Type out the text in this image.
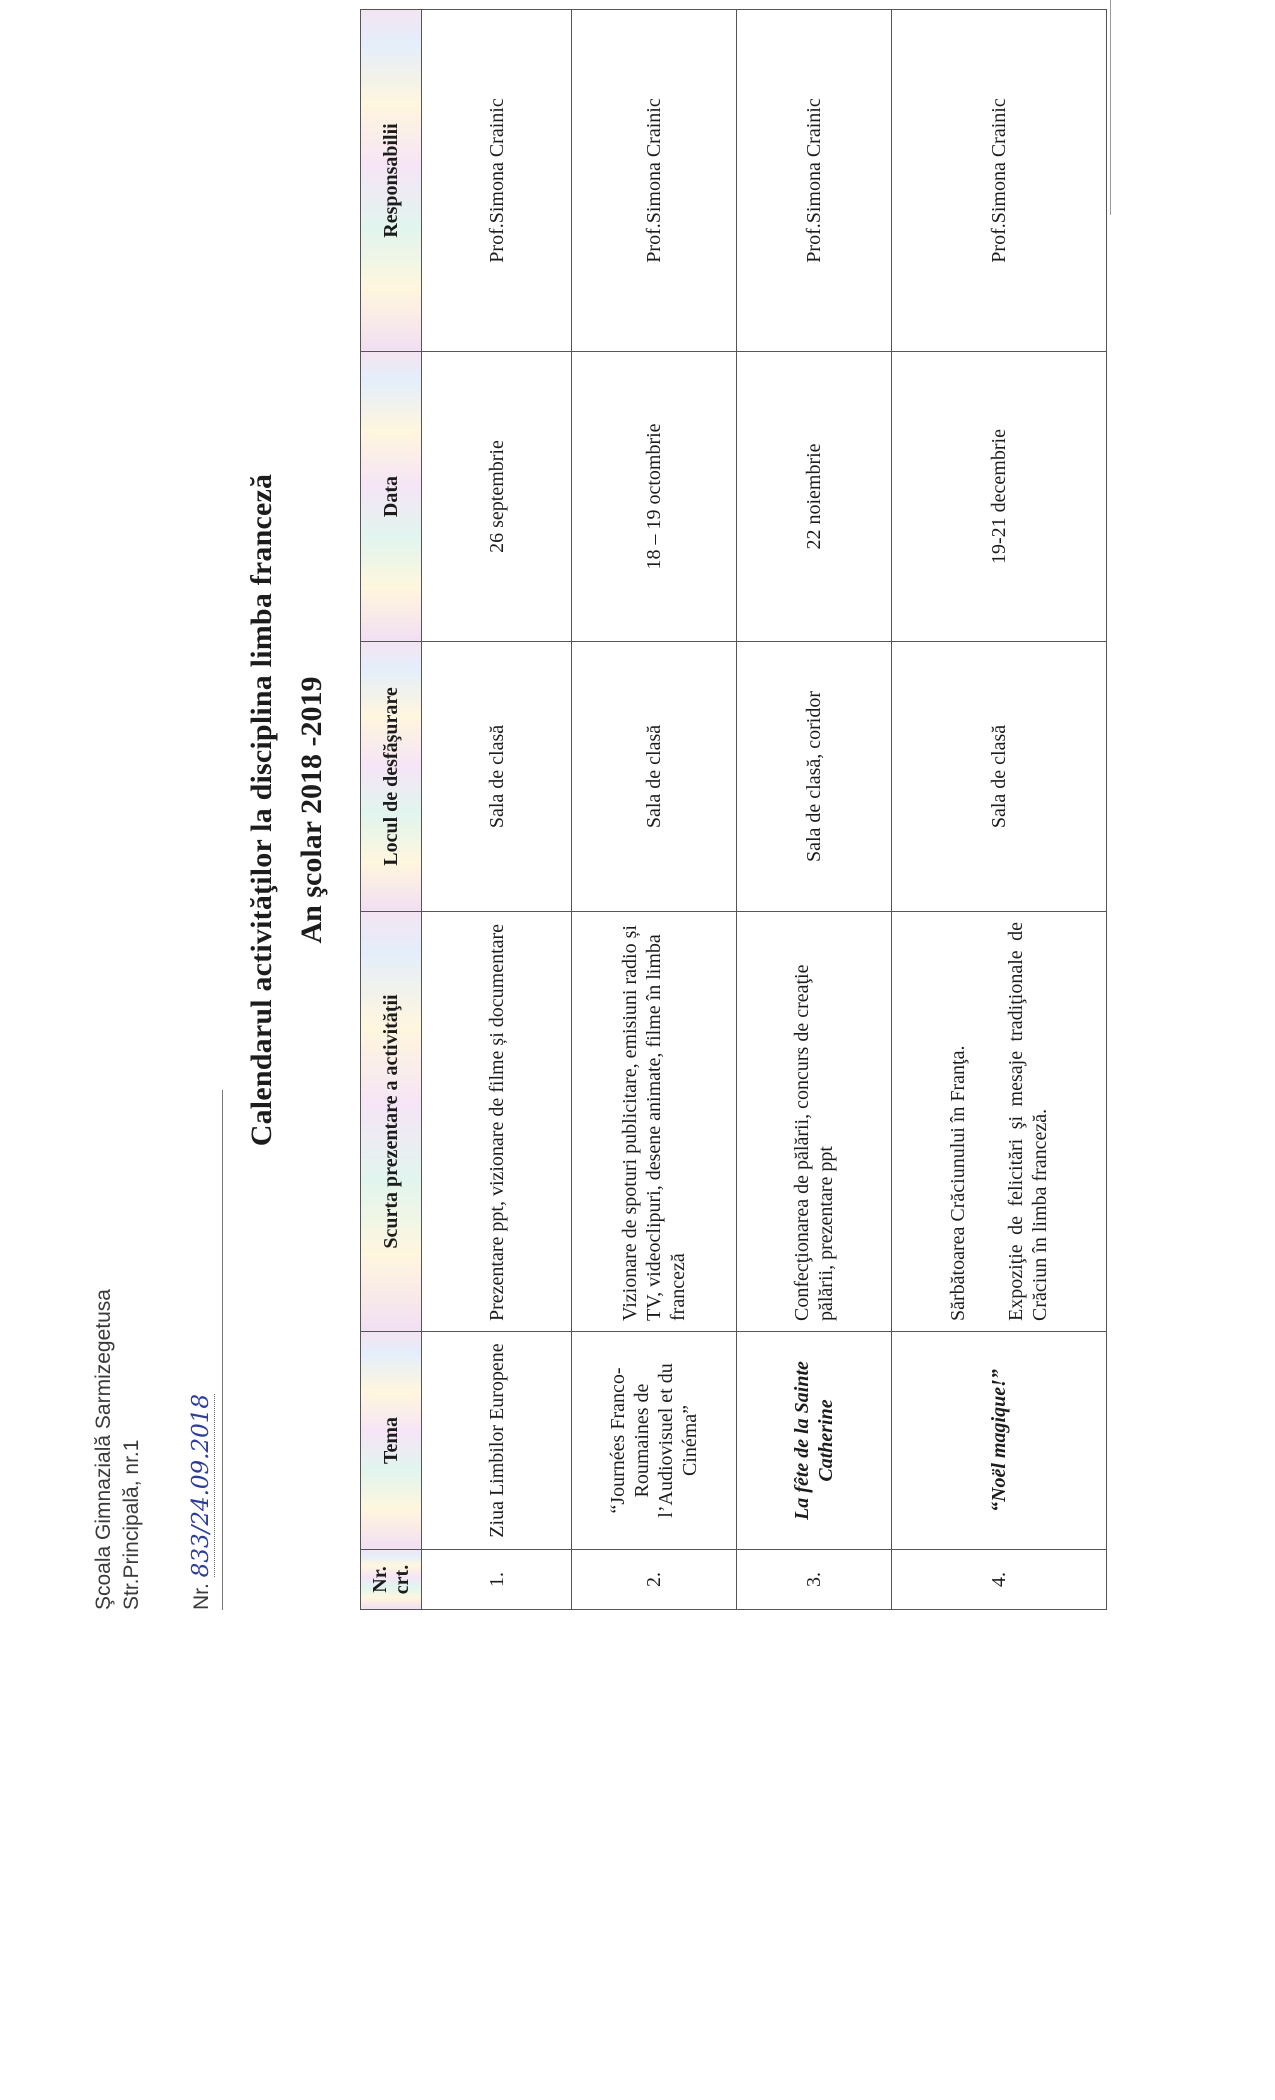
Şcoala Gimnazială Sarmizegetusa Str.Principală, nr.1 Nr. 833/24.09.2018
Calendarul activităţilor la disciplina limba franceză An şcolar 2018 -2019
Nr. crt.	Tema	Scurta prezentare a activităţii	Locul de desfăşurare	Data	Responsabilii
1.	Ziua Limbilor Europene	Prezentare ppt, vizionare de filme și documentare	Sala de clasă	26 septembrie	Prof.Simona Crainic
2.	“Journées Franco-Roumaines de l’Audiovisuel et du Cinéma”	Vizionare de spoturi publicitare, emisiuni radio și TV, videoclipuri, desene animate, filme în limba franceză	Sala de clasă	18 – 19 octombrie	Prof.Simona Crainic
3.	La fête de la Sainte Catherine	Confecţionarea de pălării, concurs de creaţie pălării, prezentare ppt	Sala de clasă, coridor	22 noiembrie	Prof.Simona Crainic
4.	“Noël magique!”	Sărbătoarea Crăciunului în Franţa. Expoziţie de felicitări şi mesaje tradiţionale de Crăciun în limba franceză.	Sala de clasă	19-21 decembrie	Prof.Simona Crainic
